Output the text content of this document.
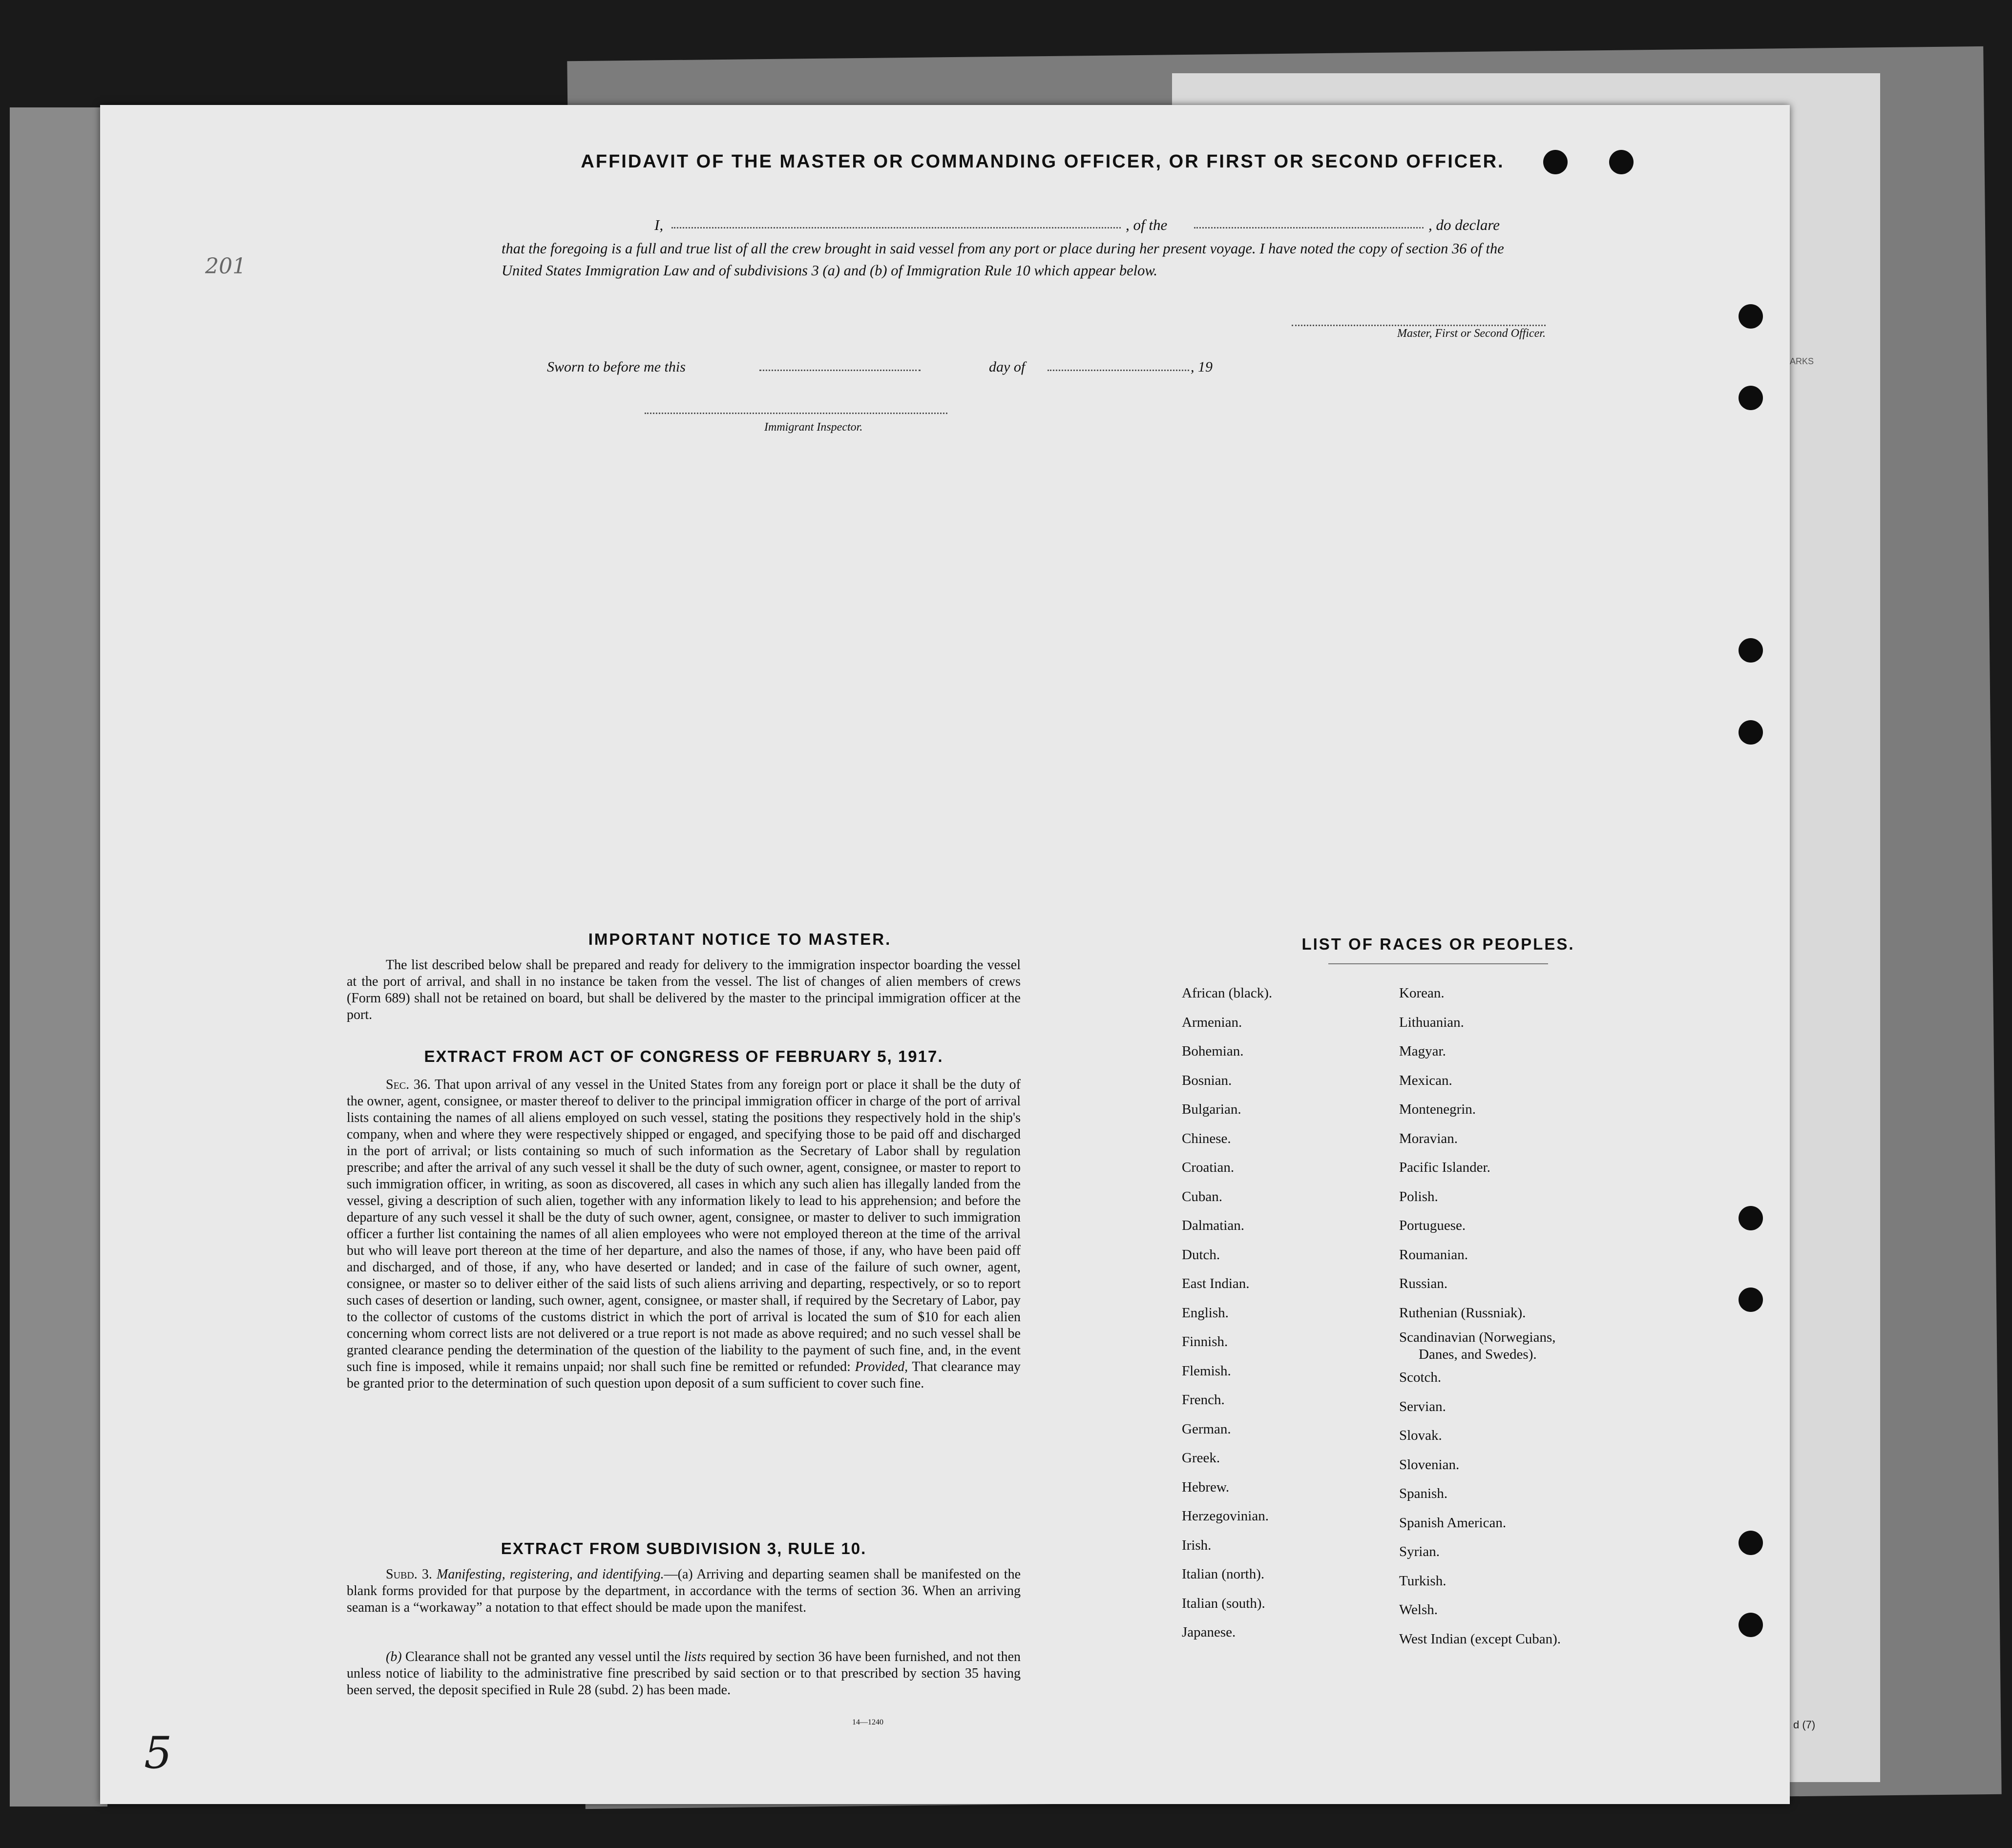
ARKS
d (7)
201
AFFIDAVIT OF THE MASTER OR COMMANDING OFFICER, OR FIRST OR SECOND OFFICER.
I,	, of the	, do declare

that the foregoing is a full and true list of all the crew brought in said vessel from any port or place during her present voyage. I have noted the copy of section 36 of the United States Immigration Law and of subdivisions 3 (a) and (b) of Immigration Rule 10 which appear below.

Master, First or Second Officer.
Sworn to before me this	day of	, 19
Immigrant Inspector.
IMPORTANT NOTICE TO MASTER.

The list described below shall be prepared and ready for delivery to the immigration inspector boarding the vessel at the port of arrival, and shall in no instance be taken from the vessel. The list of changes of alien members of crews (Form 689) shall not be retained on board, but shall be delivered by the master to the principal immigration officer at the port.

EXTRACT FROM ACT OF CONGRESS OF FEBRUARY 5, 1917.

Sec. 36. That upon arrival of any vessel in the United States from any foreign port or place it shall be the duty of the owner, agent, consignee, or master thereof to deliver to the principal immigration officer in charge of the port of arrival lists containing the names of all aliens employed on such vessel, stating the positions they respectively hold in the ship's company, when and where they were respectively shipped or engaged, and specifying those to be paid off and discharged in the port of arrival; or lists containing so much of such information as the Secretary of Labor shall by regulation prescribe; and after the arrival of any such vessel it shall be the duty of such owner, agent, consignee, or master to report to such immigration officer, in writing, as soon as discovered, all cases in which any such alien has illegally landed from the vessel, giving a description of such alien, together with any information likely to lead to his apprehension; and before the departure of any such vessel it shall be the duty of such owner, agent, consignee, or master to deliver to such immigration officer a further list containing the names of all alien employees who were not employed thereon at the time of the arrival but who will leave port thereon at the time of her departure, and also the names of those, if any, who have been paid off and discharged, and of those, if any, who have deserted or landed; and in case of the failure of such owner, agent, consignee, or master so to deliver either of the said lists of such aliens arriving and departing, respectively, or so to report such cases of desertion or landing, such owner, agent, consignee, or master shall, if required by the Secretary of Labor, pay to the collector of customs of the customs district in which the port of arrival is located the sum of $10 for each alien concerning whom correct lists are not delivered or a true report is not made as above required; and no such vessel shall be granted clearance pending the determination of the question of the liability to the payment of such fine, and, in the event such fine is imposed, while it remains unpaid; nor shall such fine be remitted or refunded: Provided, That clearance may be granted prior to the determination of such question upon deposit of a sum sufficient to cover such fine.

EXTRACT FROM SUBDIVISION 3, RULE 10.

Subd. 3. Manifesting, registering, and identifying.—(a) Arriving and departing seamen shall be manifested on the blank forms provided for that purpose by the department, in accordance with the terms of section 36. When an arriving seaman is a “workaway” a notation to that effect should be made upon the manifest.

(b) Clearance shall not be granted any vessel until the lists required by section 36 have been furnished, and not then unless notice of liability to the administrative fine prescribed by said section or to that prescribed by section 35 having been served, the deposit specified in Rule 28 (subd. 2) has been made.

14—1240
LIST OF RACES OR PEOPLES.
African (black).
Armenian.
Bohemian.
Bosnian.
Bulgarian.
Chinese.
Croatian.
Cuban.
Dalmatian.
Dutch.
East Indian.
English.
Finnish.
Flemish.
French.
German.
Greek.
Hebrew.
Herzegovinian.
Irish.
Italian (north).
Italian (south).
Japanese.
Korean.
Lithuanian.
Magyar.
Mexican.
Montenegrin.
Moravian.
Pacific Islander.
Polish.
Portuguese.
Roumanian.
Russian.
Ruthenian (Russniak).
Scandinavian (Norwegians,
Danes, and Swedes).
Scotch.
Servian.
Slovak.
Slovenian.
Spanish.
Spanish American.
Syrian.
Turkish.
Welsh.
West Indian (except Cuban).
5
